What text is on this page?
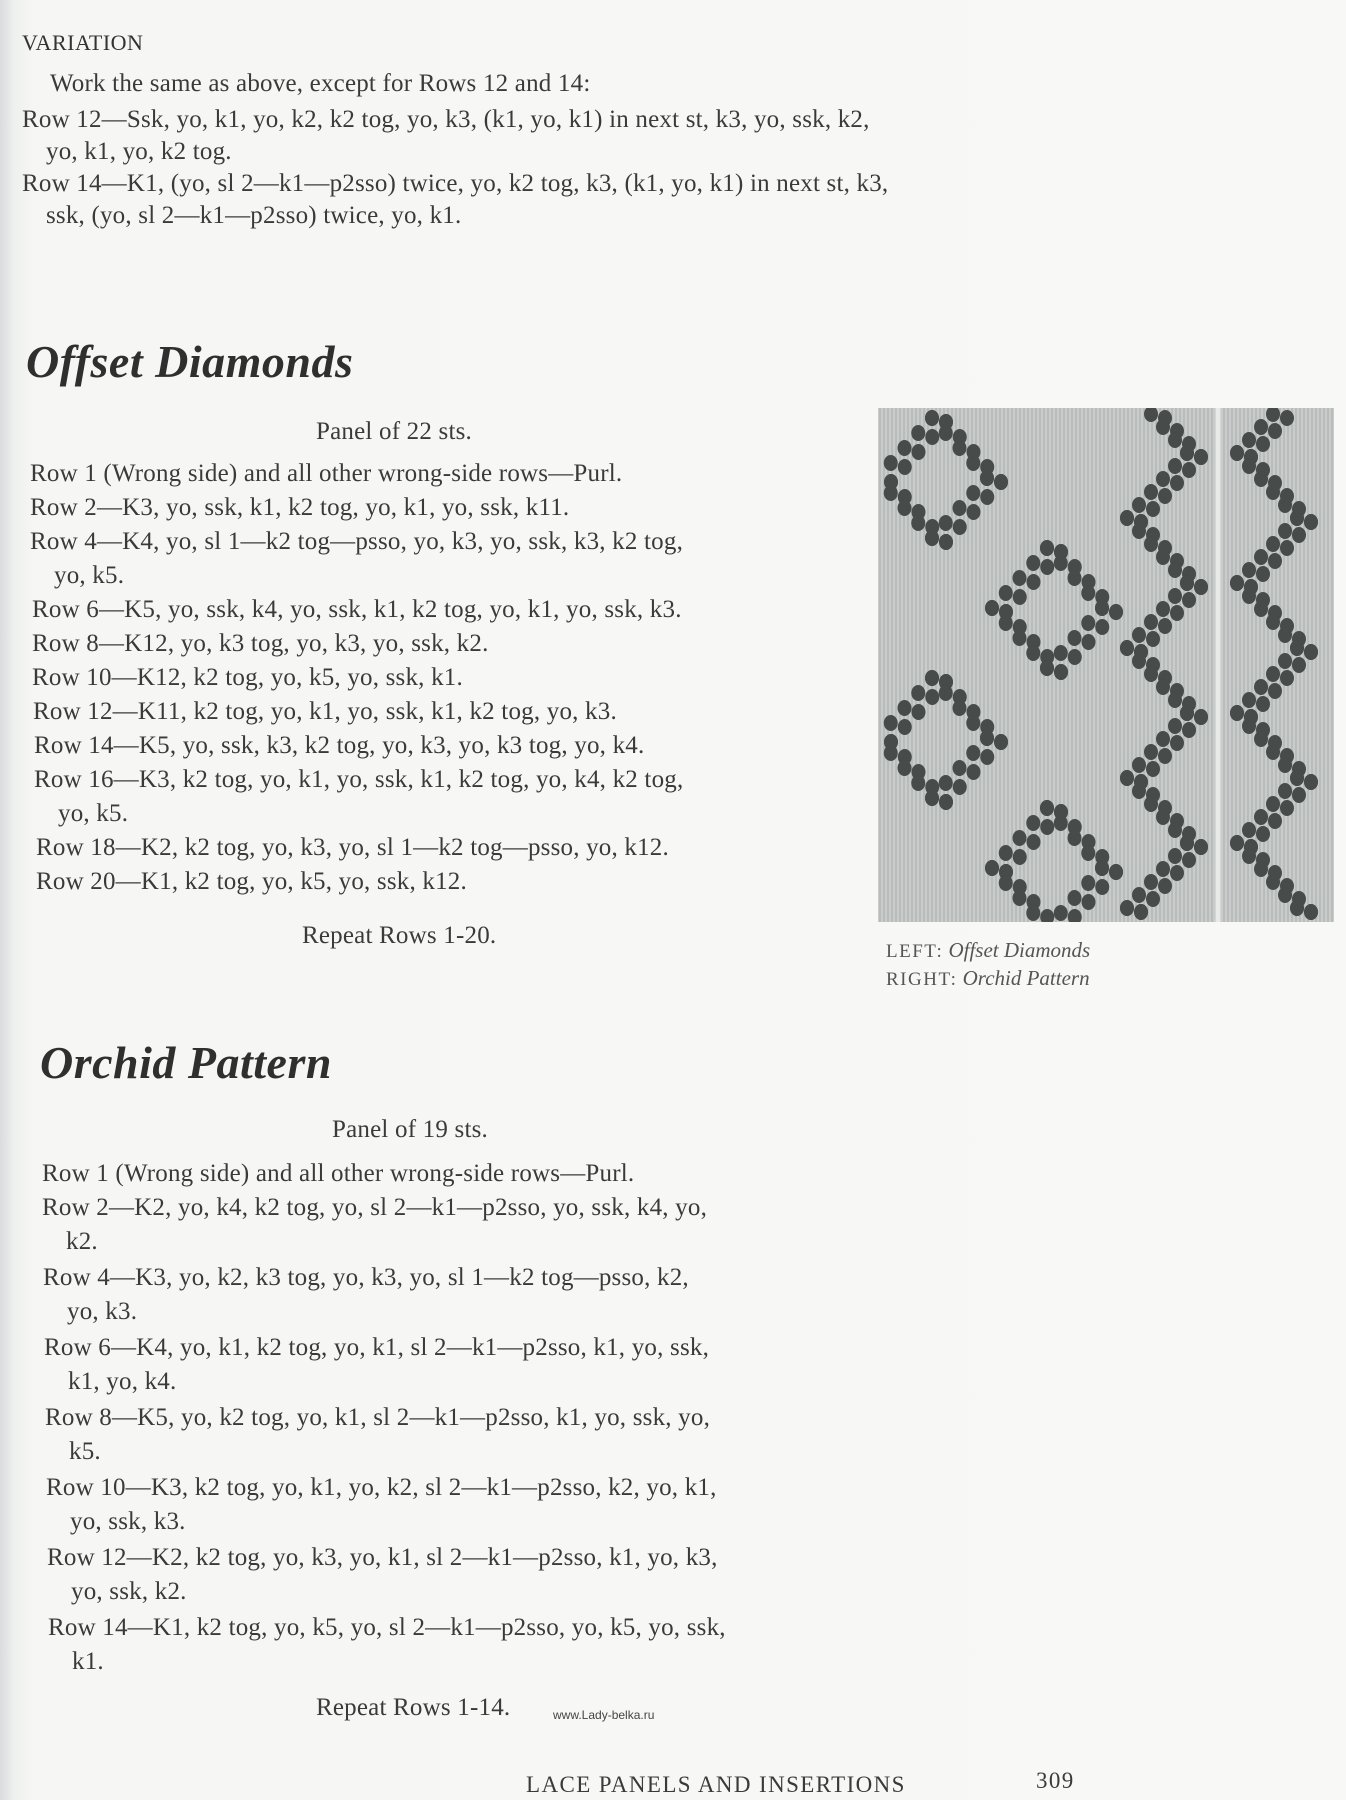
VARIATION
Work the same as above, except for Rows 12 and 14:
Row 12—Ssk, yo, k1, yo, k2, k2 tog, yo, k3, (k1, yo, k1) in next st, k3, yo, ssk, k2,
yo, k1, yo, k2 tog.
Row 14—K1, (yo, sl 2—k1—p2sso) twice, yo, k2 tog, k3, (k1, yo, k1) in next st, k3,
ssk, (yo, sl 2—k1—p2sso) twice, yo, k1.
Offset Diamonds
Panel of 22 sts.
Row 1 (Wrong side) and all other wrong-side rows—Purl.
Row 2—K3, yo, ssk, k1, k2 tog, yo, k1, yo, ssk, k11.
Row 4—K4, yo, sl 1—k2 tog—psso, yo, k3, yo, ssk, k3, k2 tog,
yo, k5.
Row 6—K5, yo, ssk, k4, yo, ssk, k1, k2 tog, yo, k1, yo, ssk, k3.
Row 8—K12, yo, k3 tog, yo, k3, yo, ssk, k2.
Row 10—K12, k2 tog, yo, k5, yo, ssk, k1.
Row 12—K11, k2 tog, yo, k1, yo, ssk, k1, k2 tog, yo, k3.
Row 14—K5, yo, ssk, k3, k2 tog, yo, k3, yo, k3 tog, yo, k4.
Row 16—K3, k2 tog, yo, k1, yo, ssk, k1, k2 tog, yo, k4, k2 tog,
yo, k5.
Row 18—K2, k2 tog, yo, k3, yo, sl 1—k2 tog—psso, yo, k12.
Row 20—K1, k2 tog, yo, k5, yo, ssk, k12.
Repeat Rows 1-20.
LEFT: Offset Diamonds
RIGHT: Orchid Pattern
Orchid Pattern
Panel of 19 sts.
Row 1 (Wrong side) and all other wrong-side rows—Purl.
Row 2—K2, yo, k4, k2 tog, yo, sl 2—k1—p2sso, yo, ssk, k4, yo,
k2.
Row 4—K3, yo, k2, k3 tog, yo, k3, yo, sl 1—k2 tog—psso, k2,
yo, k3.
Row 6—K4, yo, k1, k2 tog, yo, k1, sl 2—k1—p2sso, k1, yo, ssk,
k1, yo, k4.
Row 8—K5, yo, k2 tog, yo, k1, sl 2—k1—p2sso, k1, yo, ssk, yo,
k5.
Row 10—K3, k2 tog, yo, k1, yo, k2, sl 2—k1—p2sso, k2, yo, k1,
yo, ssk, k3.
Row 12—K2, k2 tog, yo, k3, yo, k1, sl 2—k1—p2sso, k1, yo, k3,
yo, ssk, k2.
Row 14—K1, k2 tog, yo, k5, yo, sl 2—k1—p2sso, yo, k5, yo, ssk,
k1.
Repeat Rows 1-14.	www.Lady-belka.ru
LACE PANELS AND INSERTIONS	309
